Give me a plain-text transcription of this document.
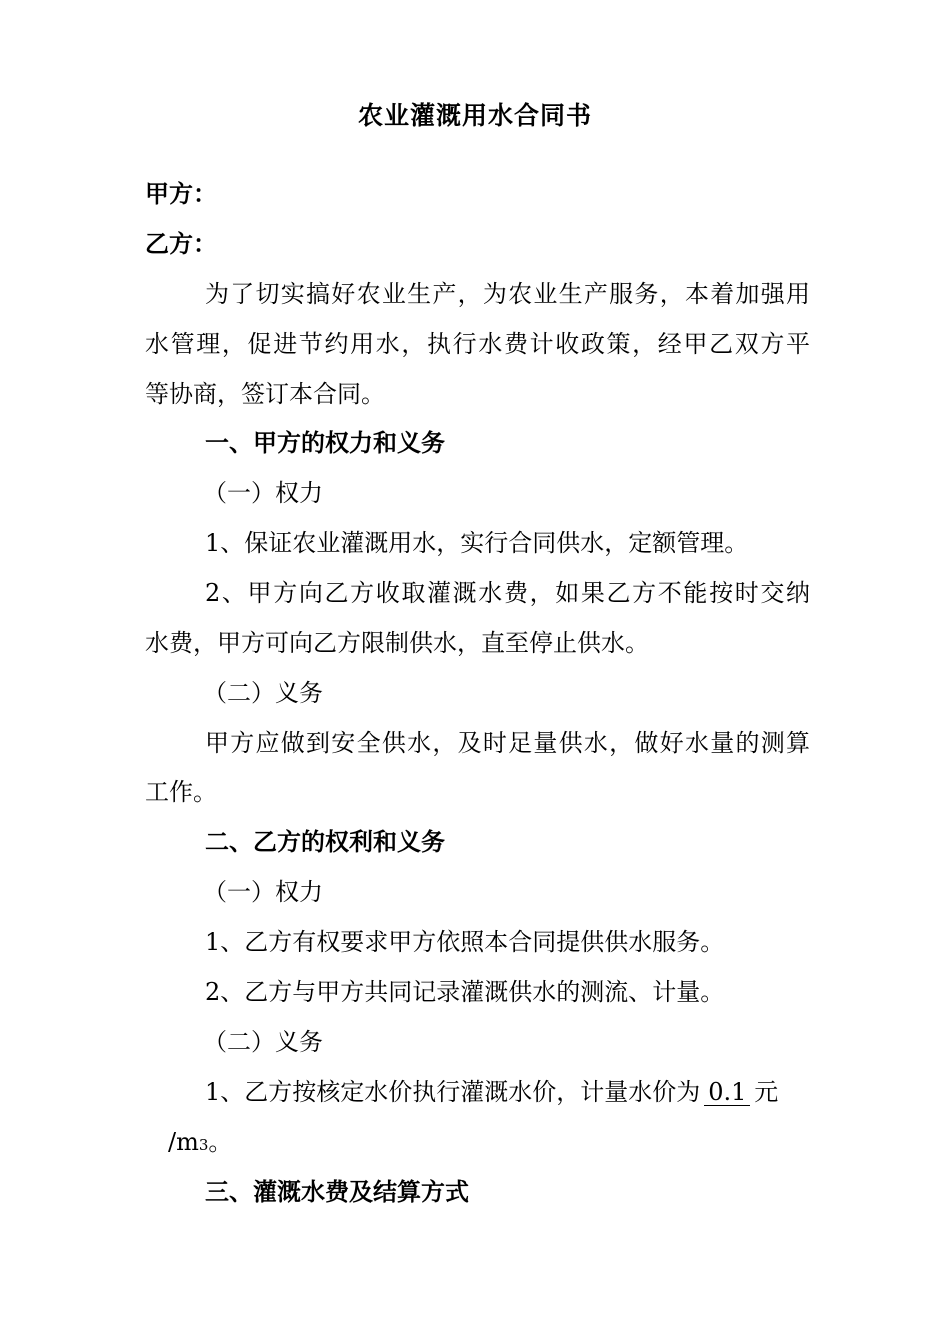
农业灌溉用水合同书
甲方：
乙方：
为了切实搞好农业生产，为农业生产服务，本着加强用
水管理，促进节约用水，执行水费计收政策，经甲乙双方平
等协商，签订本合同。
一、甲方的权力和义务
（一）权力
1、保证农业灌溉用水，实行合同供水，定额管理。
2、甲方向乙方收取灌溉水费，如果乙方不能按时交纳
水费，甲方可向乙方限制供水，直至停止供水。
（二）义务
甲方应做到安全供水，及时足量供水，做好水量的测算
工作。
二、乙方的权利和义务
（一）权力
1、乙方有权要求甲方依照本合同提供供水服务。
2、乙方与甲方共同记录灌溉供水的测流、计量。
（二）义务
1、乙方按核定水价执行灌溉水价，计量水价为 0.1 元
/m3。
三、灌溉水费及结算方式
